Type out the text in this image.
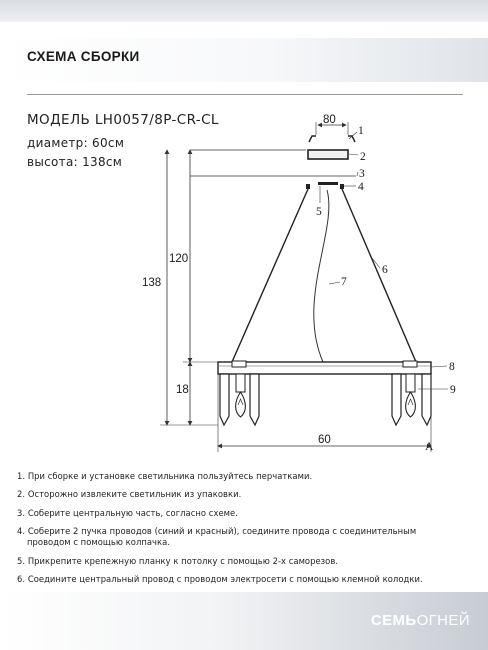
СХЕМА СБОРКИ
МОДЕЛЬ LH0057/8P-CR-CL
диаметр: 60см
высота: 138см
80
138
120
18
60
1
2
3
4
5
6
7
8
9
A
1. При сборке и установке светильника пользуйтесь перчатками.
2. Осторожно извлеките светильник из упаковки.
3. Соберите центральную часть, согласно схеме.
4. Соберите 2 пучка проводов (синий и красный), соедините провода с соединительным
проводом с помощью колпачка.
5. Прикрепите крепежную планку к потолку с помощью 2-х саморезов.
6. Соедините центральный провод с проводом электросети с помощью клемной колодки.
СЕМЬОГНЕЙ
